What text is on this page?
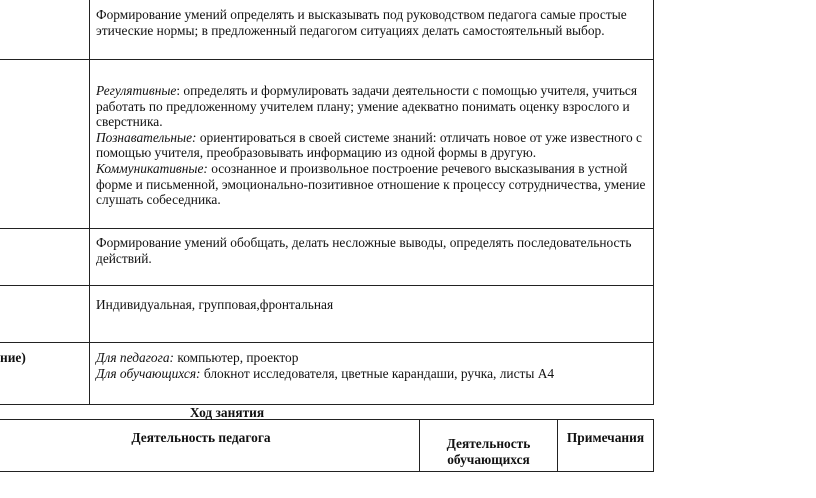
Формирование умений определять и высказывать под руководством педагога самые простые этические нормы; в предложенный педагогом ситуациях делать самостоятельный выбор.
Регулятивные: определять и формулировать задачи деятельности с помощью учителя, учиться работать по предложенному учителем плану; умение адекватно понимать оценку взрослого и сверстника.
Познавательные: ориентироваться в своей системе знаний: отличать новое от уже известного с помощью учителя, преобразовывать информацию из одной формы в другую.
Коммуникативные: осознанное и произвольное построение речевого высказывания в устной форме и письменной, эмоционально-позитивное отношение к процессу сотрудничества, умение слушать собеседника.
Формирование умений обобщать, делать несложные выводы, определять последовательность действий.
Индивидуальная, групповая,фронтальная
ние)	Для педагога: компьютер, проектор
Для обучающихся: блокнот исследователя, цветные карандаши, ручка, листы А4
Ход занятия
Деятельность педагога	Деятельность
обучающихся
Примечания
